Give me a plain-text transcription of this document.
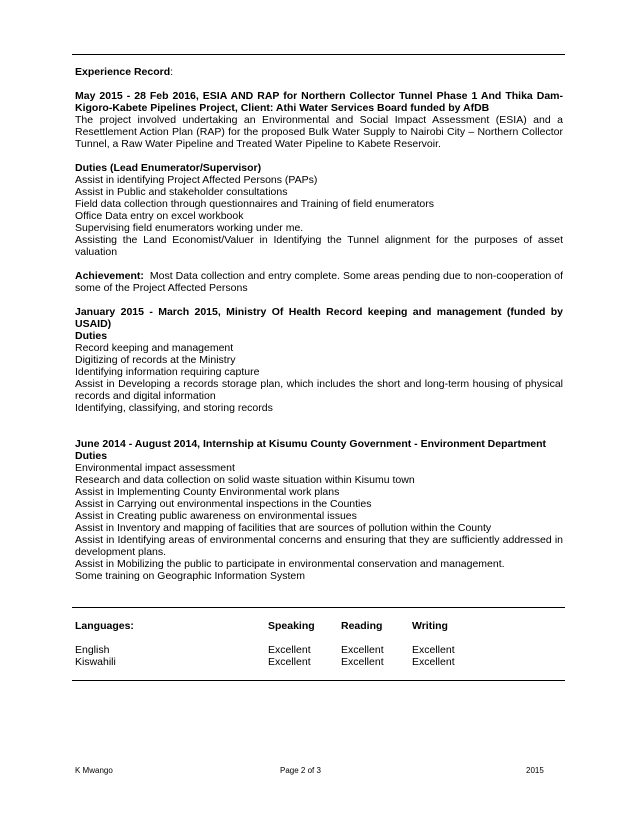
Experience Record:

May 2015 - 28 Feb 2016, ESIA AND RAP for Northern Collector Tunnel Phase 1 And Thika Dam-Kigoro-Kabete Pipelines Project, Client: Athi Water Services Board funded by AfDB

The project involved undertaking an Environmental and Social Impact Assessment (ESIA) and a Resettlement Action Plan (RAP) for the proposed Bulk Water Supply to Nairobi City – Northern Collector Tunnel, a Raw Water Pipeline and Treated Water Pipeline to Kabete Reservoir.

Duties (Lead Enumerator/Supervisor)

Assist in identifying Project Affected Persons (PAPs)

Assist in Public and stakeholder consultations

Field data collection through questionnaires and Training of field enumerators

Office Data entry on excel workbook

Supervising field enumerators working under me.

Assisting the Land Economist/Valuer in Identifying the Tunnel alignment for the purposes of asset valuation

Achievement: Most Data collection and entry complete. Some areas pending due to non-cooperation of some of the Project Affected Persons

January 2015 - March 2015, Ministry Of Health Record keeping and management (funded by USAID)

Duties

Record keeping and management

Digitizing of records at the Ministry

Identifying information requiring capture

Assist in Developing a records storage plan, which includes the short and long-term housing of physical records and digital information

Identifying, classifying, and storing records

June 2014 - August 2014, Internship at Kisumu County Government - Environment Department

Duties

Environmental impact assessment

Research and data collection on solid waste situation within Kisumu town

Assist in Implementing County Environmental work plans

Assist in Carrying out environmental inspections in the Counties

Assist in Creating public awareness on environmental issues

Assist in Inventory and mapping of facilities that are sources of pollution within the County

Assist in Identifying areas of environmental concerns and ensuring that they are sufficiently addressed in development plans.

Assist in Mobilizing the public to participate in environmental conservation and management.

Some training on Geographic Information System

Languages:	Speaking	Reading	Writing
English	Excellent	Excellent	Excellent
Kiswahili	Excellent	Excellent	Excellent
K Mwango	Page 2 of 3	2015
